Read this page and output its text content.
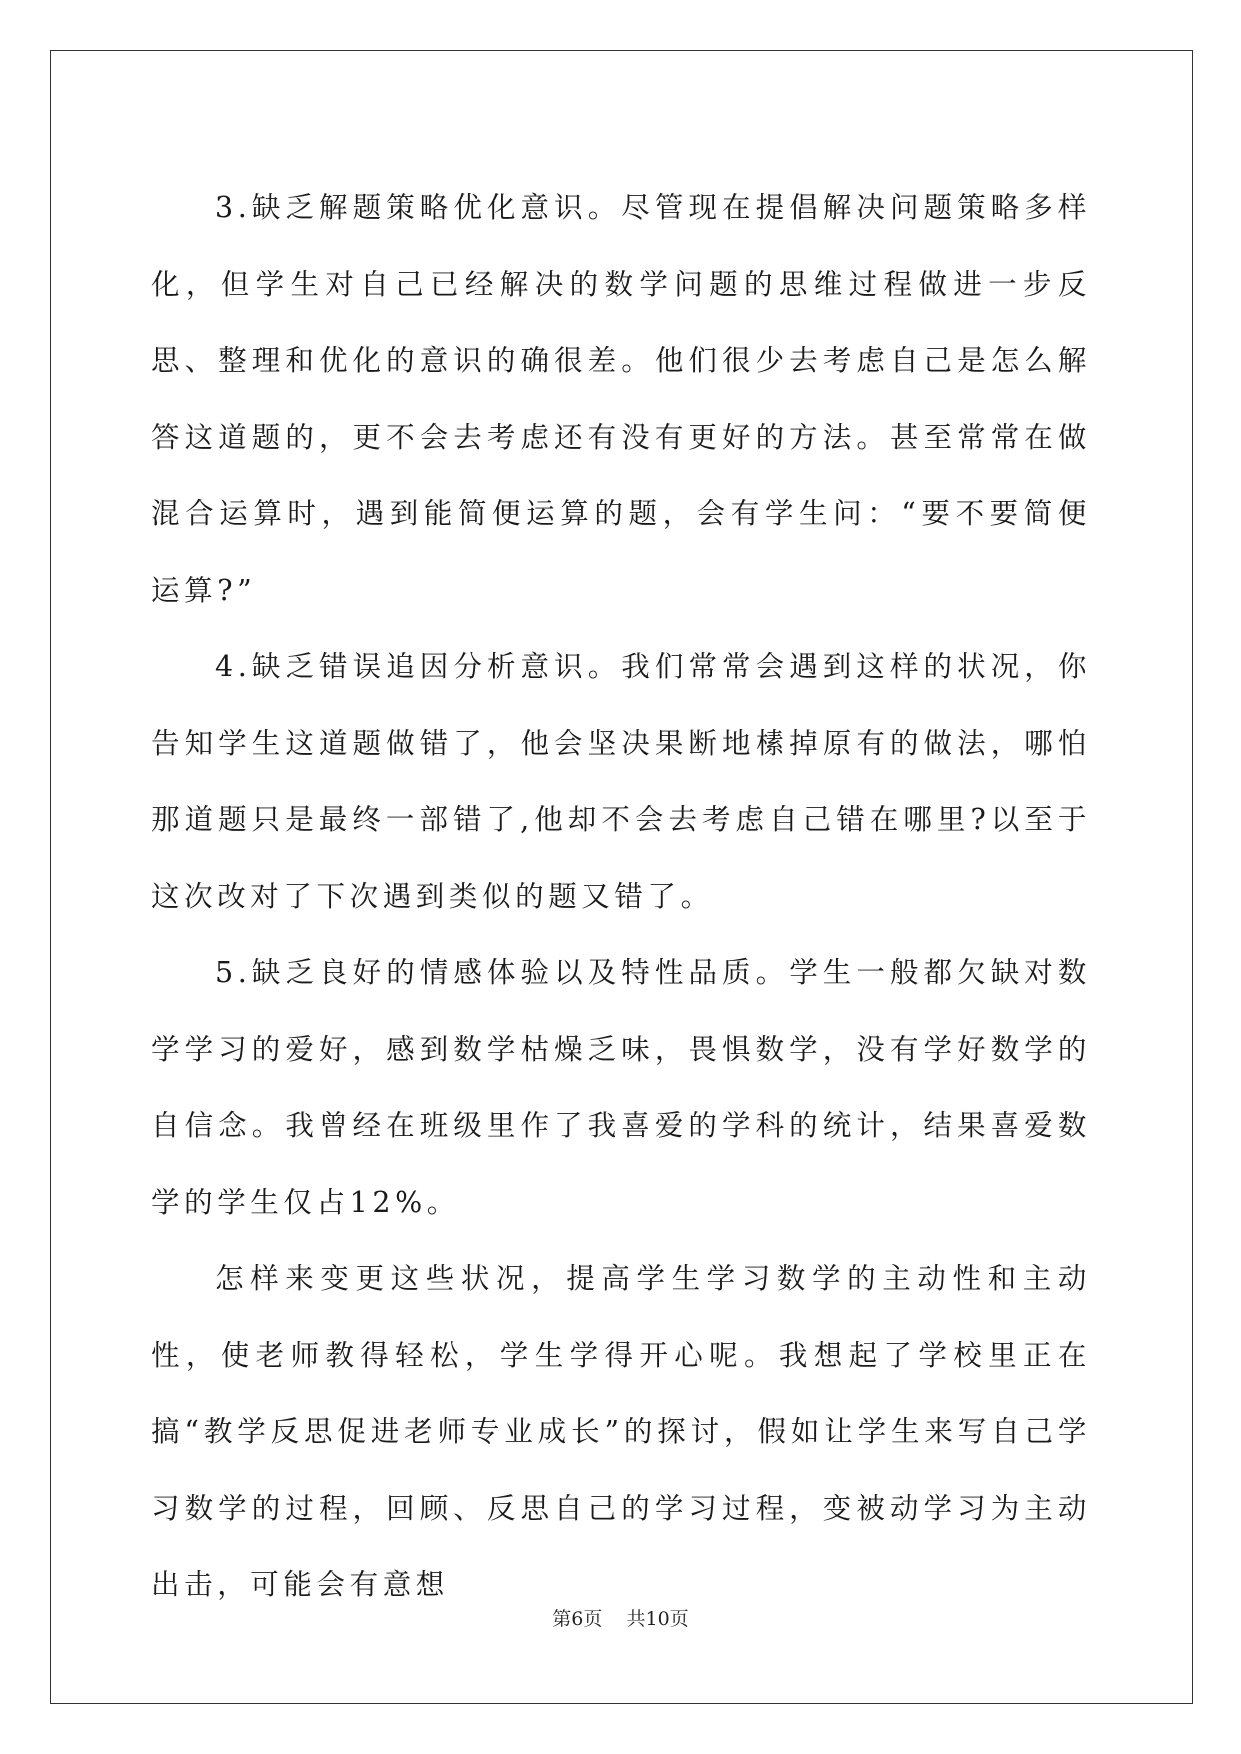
3.缺乏解题策略优化意识。尽管现在提倡解决问题策略多样化，但学生对自己已经解决的数学问题的思维过程做进一步反思、整理和优化的意识的确很差。他们很少去考虑自己是怎么解答这道题的，更不会去考虑还有没有更好的方法。甚至常常在做混合运算时，遇到能简便运算的题，会有学生问：“要不要简便运算?”

4.缺乏错误追因分析意识。我们常常会遇到这样的状况，你告知学生这道题做错了，他会坚决果断地榡掉原有的做法，哪怕那道题只是最终一部错了,他却不会去考虑自己错在哪里?以至于这次改对了下次遇到类似的题又错了。

5.缺乏良好的情感体验以及特性品质。学生一般都欠缺对数学学习的爱好，感到数学枯燥乏味，畏惧数学，没有学好数学的自信念。我曾经在班级里作了我喜爱的学科的统计，结果喜爱数学的学生仅占12%。

怎样来变更这些状况，提高学生学习数学的主动性和主动性，使老师教得轻松，学生学得开心呢。我想起了学校里正在搞“教学反思促进老师专业成长”的探讨，假如让学生来写自己学习数学的过程，回顾、反思自己的学习过程，变被动学习为主动出击，可能会有意想

第6页    共10页
